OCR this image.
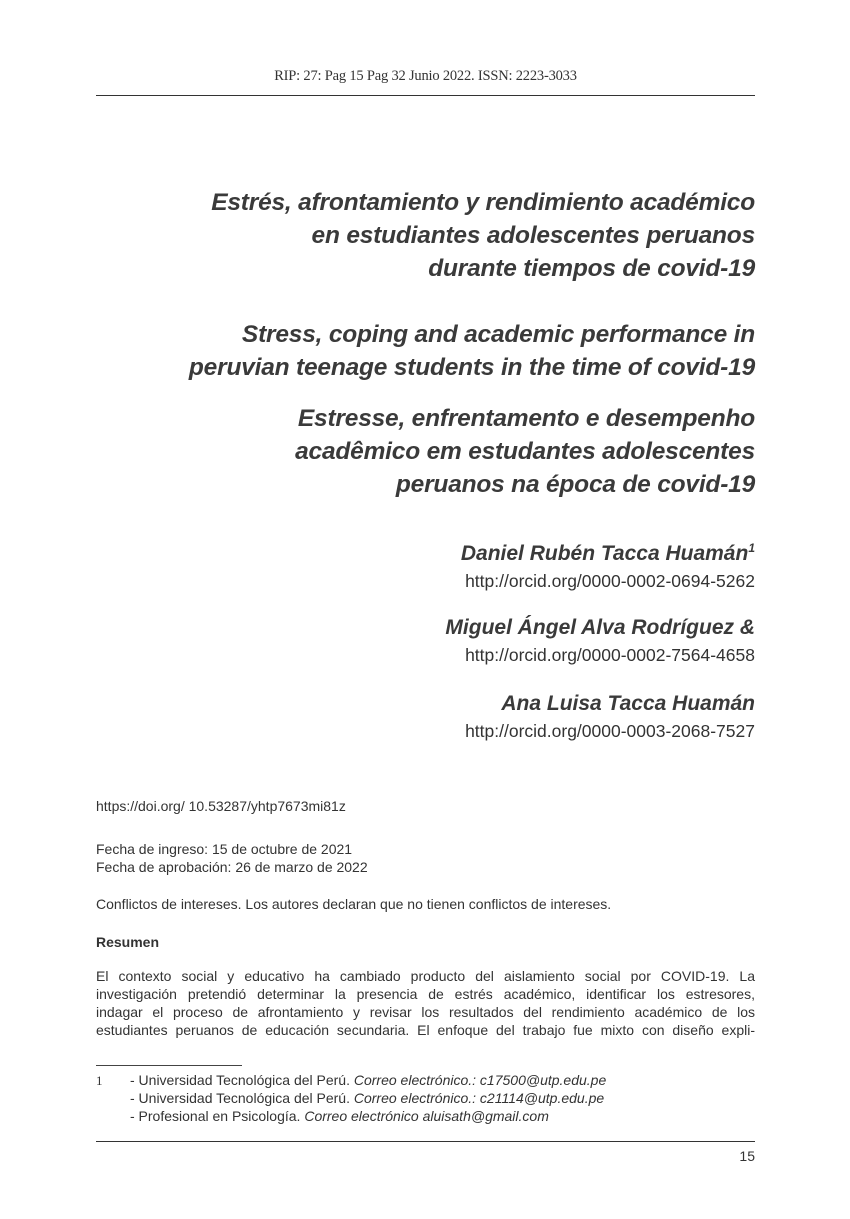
RIP: 27: Pag 15 Pag 32 Junio 2022. ISSN: 2223-3033
Estrés, afrontamiento y rendimiento académico
en estudiantes adolescentes peruanos
durante tiempos de covid-19
Stress, coping and academic performance in
peruvian teenage students in the time of covid-19
Estresse, enfrentamento e desempenho
acadêmico em estudantes adolescentes
peruanos na época de covid-19
Daniel Rubén Tacca Huamán$^1$
http://orcid.org/0000-0002-0694-5262
Miguel Ángel Alva Rodríguez &
http://orcid.org/0000-0002-7564-4658
Ana Luisa Tacca Huamán
http://orcid.org/0000-0003-2068-7527
https://doi.org/ 10.53287/yhtp7673mi81z
Fecha de ingreso: 15 de octubre de 2021
Fecha de aprobación: 26 de marzo de 2022
Conflictos de intereses. Los autores declaran que no tienen conflictos de intereses.
Resumen
El contexto social y educativo ha cambiado producto del aislamiento social por COVID-19. La
investigación pretendió determinar la presencia de estrés académico, identificar los estresores,
indagar el proceso de afrontamiento y revisar los resultados del rendimiento académico de los
estudiantes peruanos de educación secundaria. El enfoque del trabajo fue mixto con diseño expli-
1	- Universidad Tecnológica del Perú. Correo electrónico.: c17500@utp.edu.pe
- Universidad Tecnológica del Perú. Correo electrónico.: c21114@utp.edu.pe
- Profesional en Psicología. Correo electrónico aluisath@gmail.com
15
